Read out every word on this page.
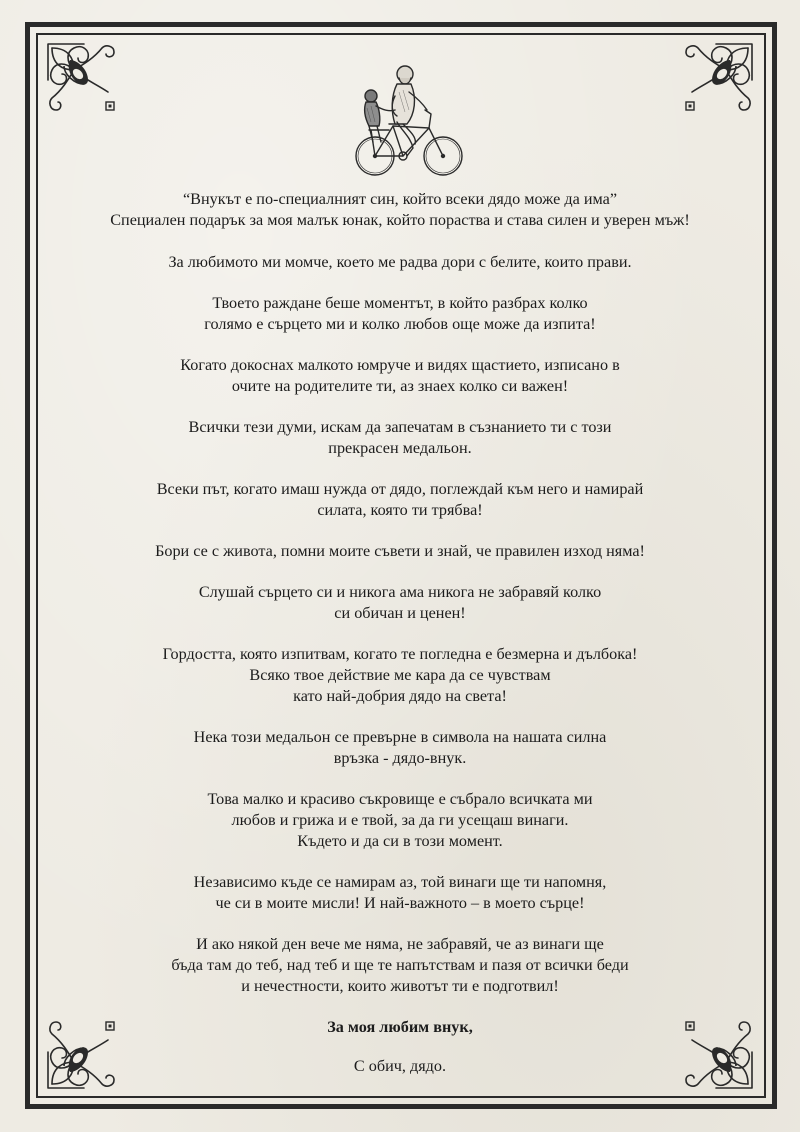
“Внукът е по-специалният син, който всеки дядо може да има”
Специален подарък за моя малък юнак, който пораства и става силен и уверен мъж!

За любимото ми момче, което ме радва дори с белите, които прави.

Твоето раждане беше моментът, в който разбрах колко
голямо е сърцето ми и колко любов още може да изпита!

Когато докоснах малкото юмруче и видях щастието, изписано в
очите на родителите ти, аз знаех колко си важен!

Всички тези думи, искам да запечатам в съзнанието ти с този
прекрасен медальон.

Всеки път, когато имаш нужда от дядо, поглеждай към него и намирай
силата, която ти трябва!

Бори се с живота, помни моите съвети и знай, че правилен изход няма!

Слушай сърцето си и никога ама никога не забравяй колко
си обичан и ценен!

Гордостта, която изпитвам, когато те погледна е безмерна и дълбока!
Всяко твое действие ме кара да се чувствам
като най-добрия дядо на света!

Нека този медальон се превърне в символа на нашата силна
връзка - дядо-внук.

Това малко и красиво съкровище е събрало всичката ми
любов и грижа и е твой, за да ги усещаш винаги.
Където и да си в този момент.

Независимо къде се намирам аз, той винаги ще ти напомня,
че си в моите мисли! И най-важното – в моето сърце!

И ако някой ден вече ме няма, не забравяй, че аз винаги ще
бъда там до теб, над теб и ще те напътствам и пазя от всички беди
и нечестности, които животът ти е подготвил!

За моя любим внук,

С обич, дядо.
